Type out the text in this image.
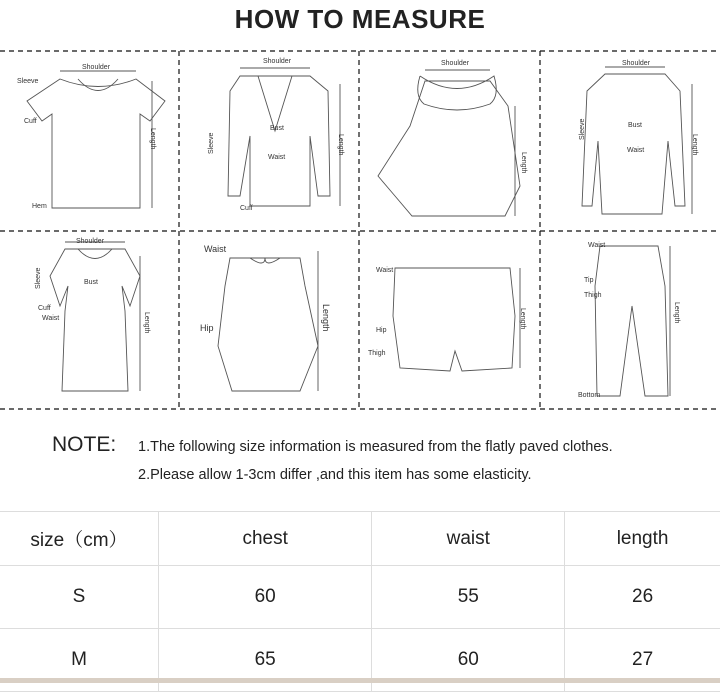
HOW TO MEASURE
Shoulder
Sleeve
Cuff
Hem
Length
Shoulder
Sleeve
Bust
Waist
Cuff
Length
Shoulder
Length
Shoulder
Sleeve	Bust
Waist	Length
Shoulder
Sleeve	Bust
Cuff
Waist	Length
Waist
Hip	Length
Waist
Hip
Thigh
Length
Waist
Tip
Thigh
Bottom
Length
NOTE: 1.The following size information is measured from the flatly paved clothes.
2.Please allow 1-3cm differ ,and this item has some elasticity.
size（cm）	chest	waist	length
S	60	55	26
M	65	60	27
